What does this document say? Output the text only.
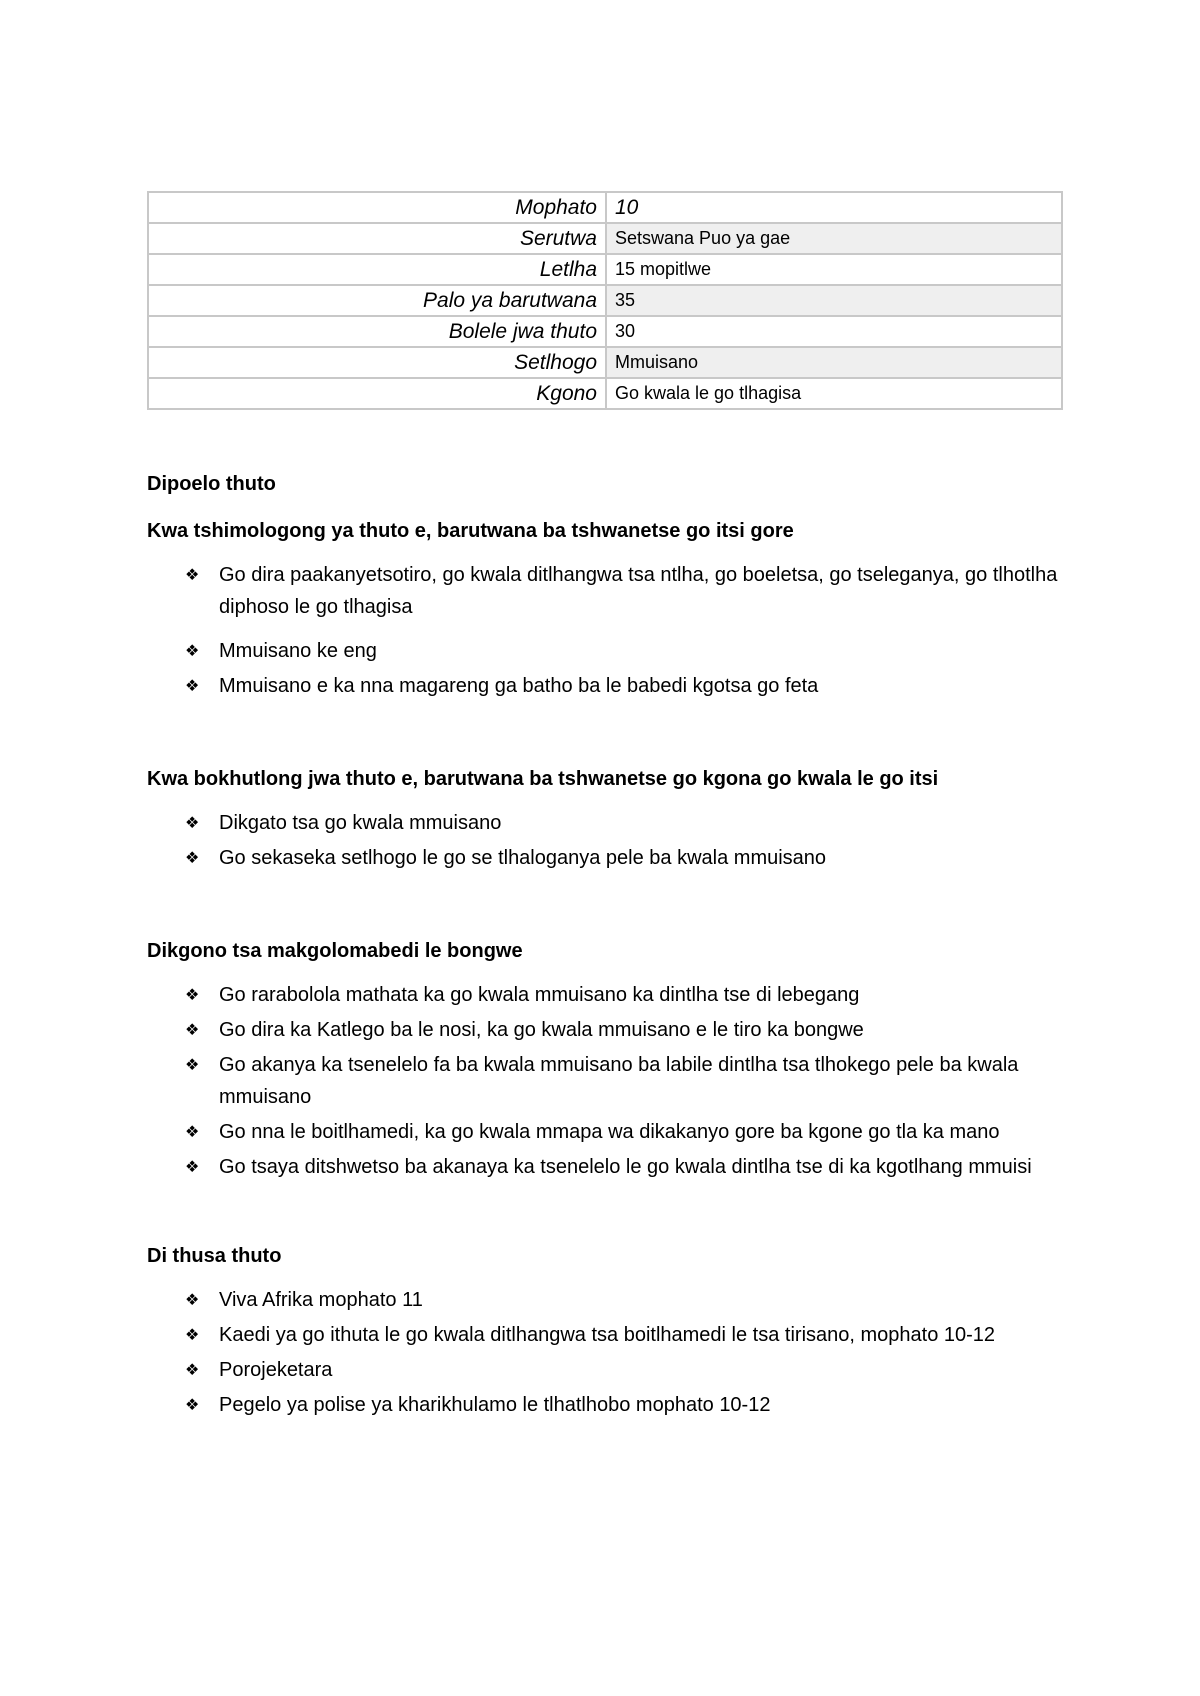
Mophato	10
Serutwa	Setswana Puo ya gae
Letlha	15 mopitlwe
Palo ya barutwana	35
Bolele jwa thuto	30
Setlhogo	Mmuisano
Kgono	Go kwala le go tlhagisa

Dipoelo thuto

Kwa tshimologong ya thuto e, barutwana ba tshwanetse go itsi gore

❖ Go dira paakanyetsotiro, go kwala ditlhangwa tsa ntlha, go boeletsa, go tseleganya, go tlhotlha diphoso le go tlhagisa
❖ Mmuisano ke eng
❖ Mmuisano e ka nna magareng ga batho ba le babedi kgotsa go feta

Kwa bokhutlong jwa thuto e, barutwana ba tshwanetse go kgona go kwala le go itsi

❖ Dikgato tsa go kwala mmuisano
❖ Go sekaseka setlhogo le go se tlhaloganya pele ba kwala mmuisano

Dikgono tsa makgolomabedi le bongwe

❖ Go rarabolola mathata ka go kwala mmuisano ka dintlha tse di lebegang
❖ Go dira ka Katlego ba le nosi, ka go kwala mmuisano e le tiro ka bongwe
❖ Go akanya ka tsenelelo fa ba kwala mmuisano ba labile dintlha tsa tlhokego pele ba kwala mmuisano
❖ Go nna le boitlhamedi, ka go kwala mmapa wa dikakanyo gore ba kgone go tla ka mano
❖ Go tsaya ditshwetso ba akanaya ka tsenelelo le go kwala dintlha tse di ka kgotlhang mmuisi

Di thusa thuto

❖ Viva Afrika mophato 11
❖ Kaedi ya go ithuta le go kwala ditlhangwa tsa boitlhamedi le tsa tirisano, mophato 10-12
❖ Porojeketara
❖ Pegelo ya polise ya kharikhulamo le tlhatlhobo mophato 10-12
